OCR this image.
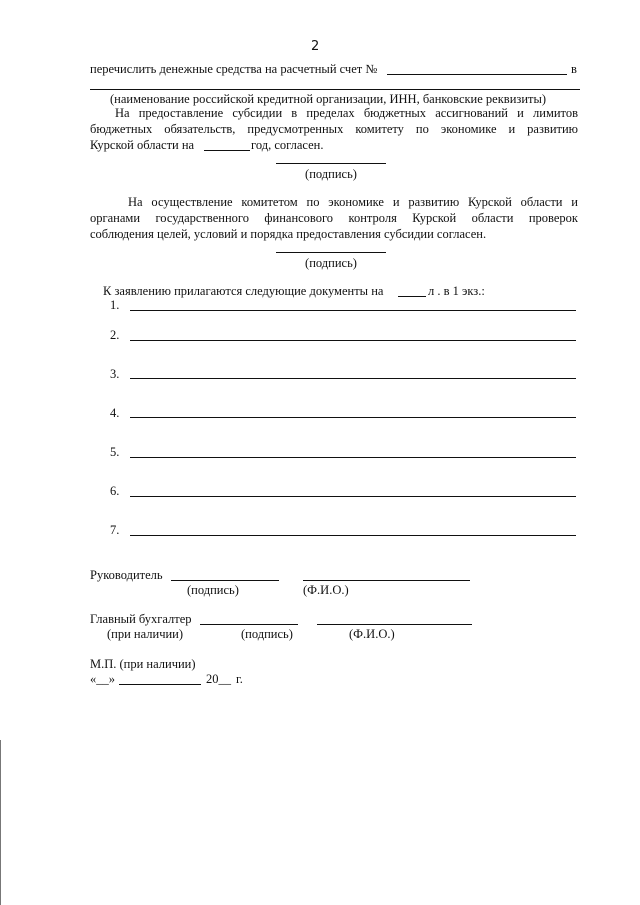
2
перечислить денежные средства на расчетный счет №	в
(наименование российской кредитной организации, ИНН, банковские реквизиты)
На предоставление субсидии в пределах бюджетных ассигнований и лимитов
бюджетных обязательств, предусмотренных комитету по экономике и развитию
Курской области на	год, согласен.
(подпись)
На осуществление комитетом по экономике и развитию Курской области и
органами государственного финансового контроля Курской области проверок
соблюдения целей, условий и порядка предоставления субсидии согласен.
(подпись)
К заявлению прилагаются следующие документы на	л . в 1 экз.:
1.
2.
3.
4.
5.
6.
7.
Руководитель
(подпись)	(Ф.И.О.)
Главный бухгалтер
(при наличии)	(подпись)	(Ф.И.О.)
М.П. (при наличии)
«__»	20__ г.
